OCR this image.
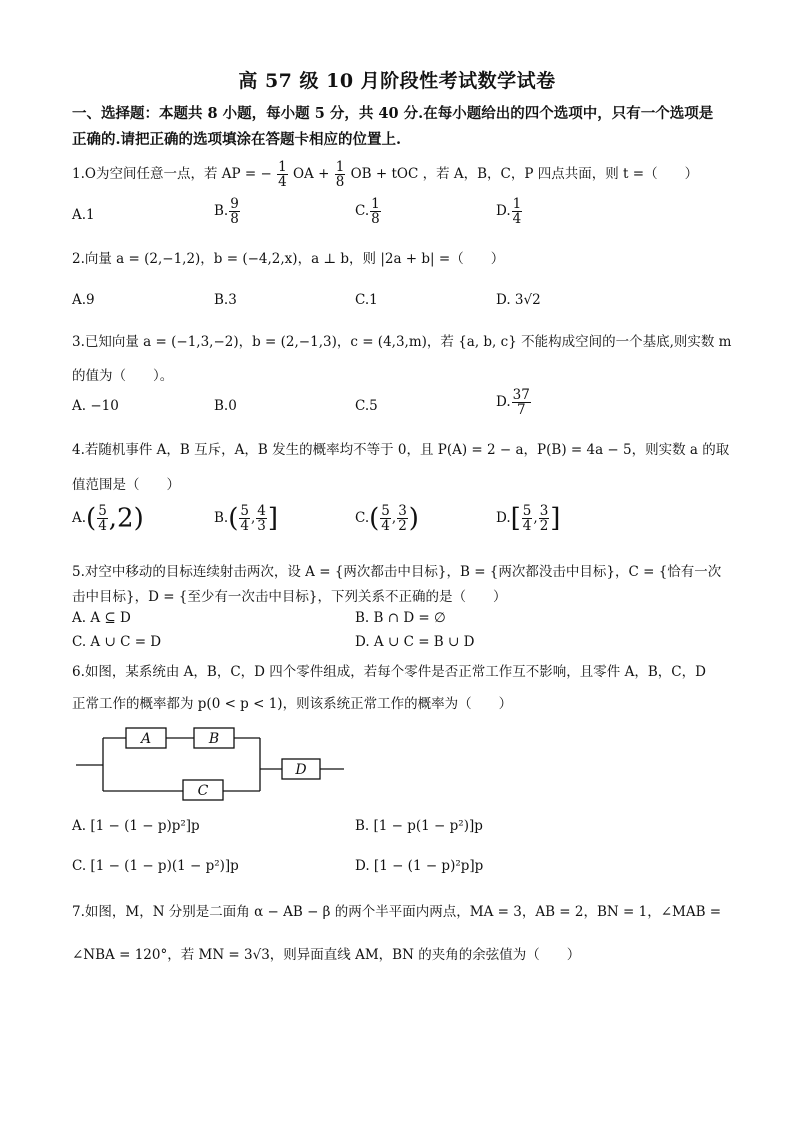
高 57 级 10 月阶段性考试数学试卷
一、选择题：本题共 8 小题，每小题 5 分，共 40 分.在每小题给出的四个选项中，只有一个选项是正确的.请把正确的选项填涂在答题卡相应的位置上.
1.O为空间任意一点，若 AP = − $\frac{1}{4}$ OA + $\frac{1}{8}$ OB + tOC ，若 A，B，C，P 四点共面，则 t =（　　）
A.1	B. $\frac{9}{8}$	C. $\frac{1}{8}$	D. $\frac{1}{4}$
2.向量 a = (2,−1,2)，b = (−4,2,x)，a ⊥ b，则 |2a + b| =（　　）
A.9	B.3	C.1	D. 3√2
3.已知向量 a = (−1,3,−2)，b = (2,−1,3)，c = (4,3,m)，若 {a, b, c} 不能构成空间的一个基底,则实数 m
的值为（　　）。
A. −10	B.0	C.5	D. $\frac{37}{7}$
4.若随机事件 A，B 互斥，A，B 发生的概率均不等于 0，且 P(A) = 2 − a，P(B) = 4a − 5，则实数 a 的取
值范围是（　　）
$A.( \frac{5}{4} ,2)$	$B.( \frac{5}{4}$ , $\frac{4}{3}$ ]	$C.( \frac{5}{4}$ , $\frac{3}{2}$ )	$D.[ \frac{5}{4}$ , $\frac{3}{2}$ ]
5.对空中移动的目标连续射击两次，设 A = {两次都击中目标}，B = {两次都没击中目标}，C = {恰有一次
击中目标}，D = {至少有一次击中目标}，下列关系不正确的是（　　）
A. A ⊆ D	B. B ∩ D = ∅
C. A ∪ C = D	D. A ∪ C = B ∪ D
6.如图，某系统由 A，B，C，D 四个零件组成，若每个零件是否正常工作互不影响，且零件 A，B，C，D
正常工作的概率都为 p(0 < p < 1)，则该系统正常工作的概率为（　　）
A	B
C
D
A. [1 − (1 − p)p²]p	B. [1 − p(1 − p²)]p
C. [1 − (1 − p)(1 − p²)]p	D. [1 − (1 − p)²p]p
7.如图，M，N 分别是二面角 α − AB − β 的两个半平面内两点，MA = 3，AB = 2，BN = 1，∠MAB =
∠NBA = 120°，若 MN = 3√3，则异面直线 AM，BN 的夹角的余弦值为（　　）
